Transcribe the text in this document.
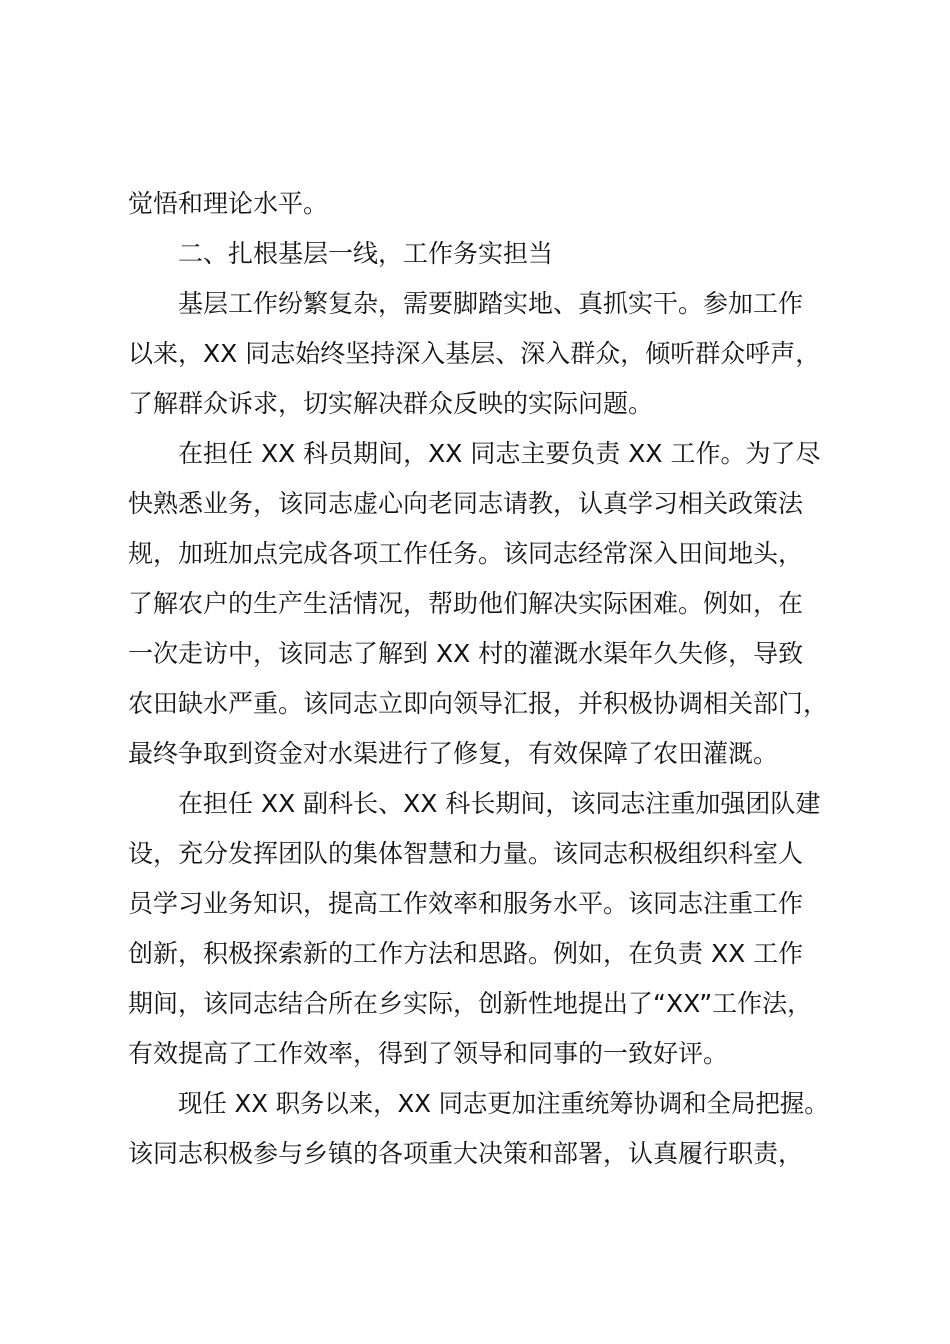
觉悟和理论水平。
二、扎根基层一线，工作务实担当
基层工作纷繁复杂，需要脚踏实地、真抓实干。参加工作
以来，XX 同志始终坚持深入基层、深入群众，倾听群众呼声，
了解群众诉求，切实解决群众反映的实际问题。
在担任 XX 科员期间，XX 同志主要负责 XX 工作。为了尽
快熟悉业务，该同志虚心向老同志请教，认真学习相关政策法
规，加班加点完成各项工作任务。该同志经常深入田间地头，
了解农户的生产生活情况，帮助他们解决实际困难。例如，在
一次走访中，该同志了解到 XX 村的灌溉水渠年久失修，导致
农田缺水严重。该同志立即向领导汇报，并积极协调相关部门，
最终争取到资金对水渠进行了修复，有效保障了农田灌溉。
在担任 XX 副科长、XX 科长期间，该同志注重加强团队建
设，充分发挥团队的集体智慧和力量。该同志积极组织科室人
员学习业务知识，提高工作效率和服务水平。该同志注重工作
创新，积极探索新的工作方法和思路。例如，在负责 XX 工作
期间，该同志结合所在乡实际，创新性地提出了“XX”工作法，
有效提高了工作效率，得到了领导和同事的一致好评。
现任 XX 职务以来，XX 同志更加注重统筹协调和全局把握。
该同志积极参与乡镇的各项重大决策和部署，认真履行职责，
